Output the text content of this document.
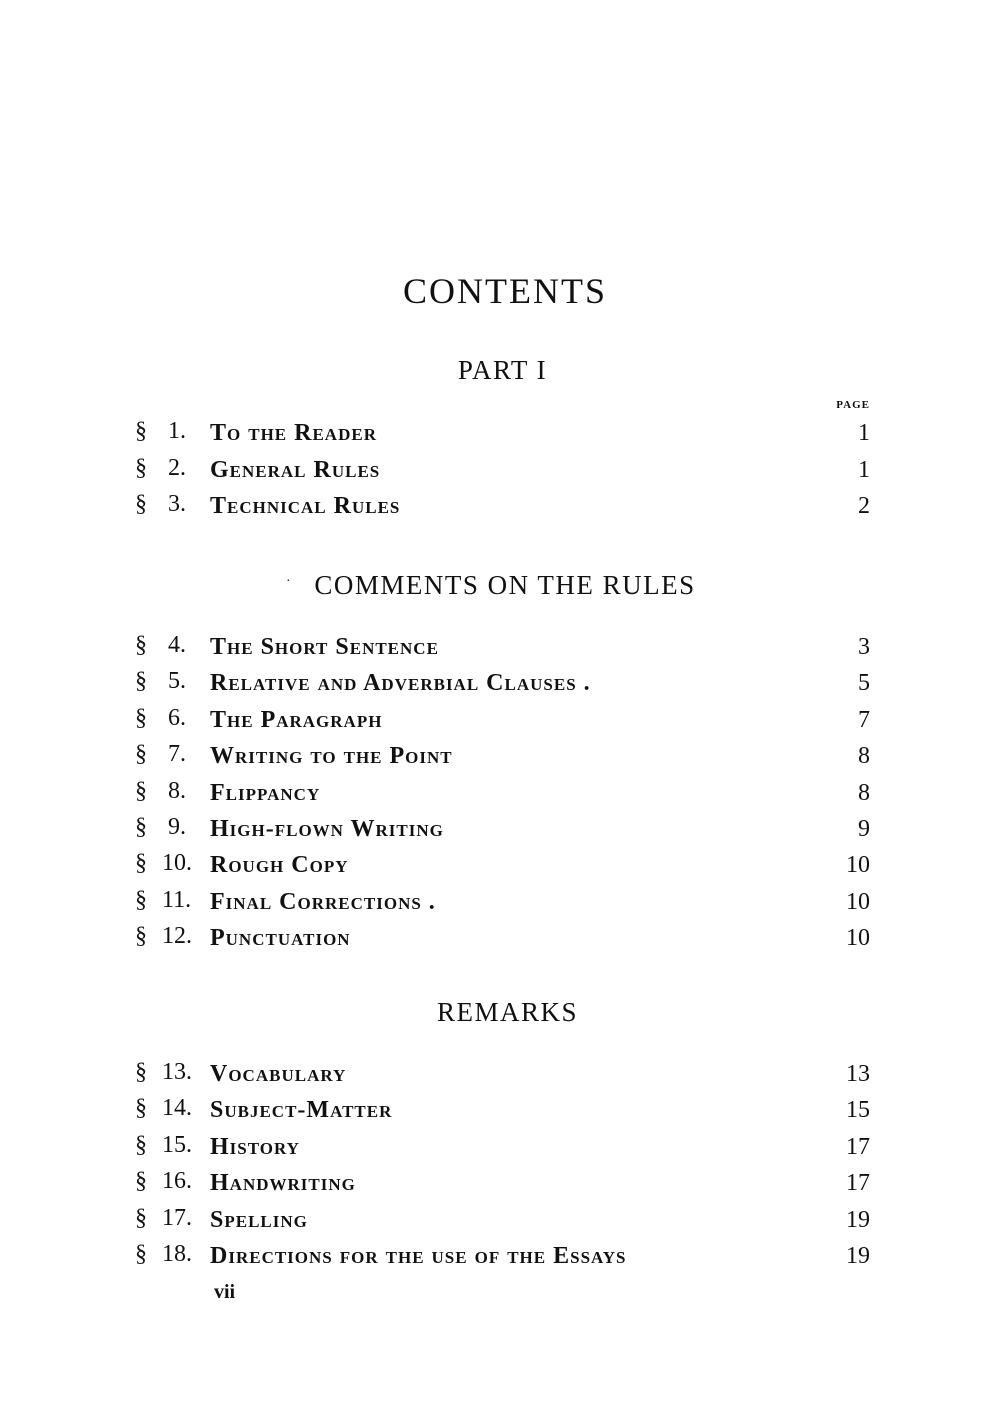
CONTENTS
PART I
PAGE
§ 1.	To the Reader	1
§ 2.	General Rules	1
§ 3.	Technical Rules	2
· COMMENTS ON THE RULES
§ 4.	The Short Sentence	3
§ 5.	Relative and Adverbial Clauses .	5
§ 6.	The Paragraph	7
§ 7.	Writing to the Point	8
§ 8.	Flippancy	8
§ 9.	High-flown Writing	9
§ 10. Rough Copy	10
§ 11. Final Corrections .	10
§ 12. Punctuation	10
REMARKS
§ 13. Vocabulary	13
§ 14. Subject-Matter	15
§ 15. History	17
§ 16. Handwriting	17
§ 17. Spelling	19
§ 18. Directions for the use of the Essays	19
vii
